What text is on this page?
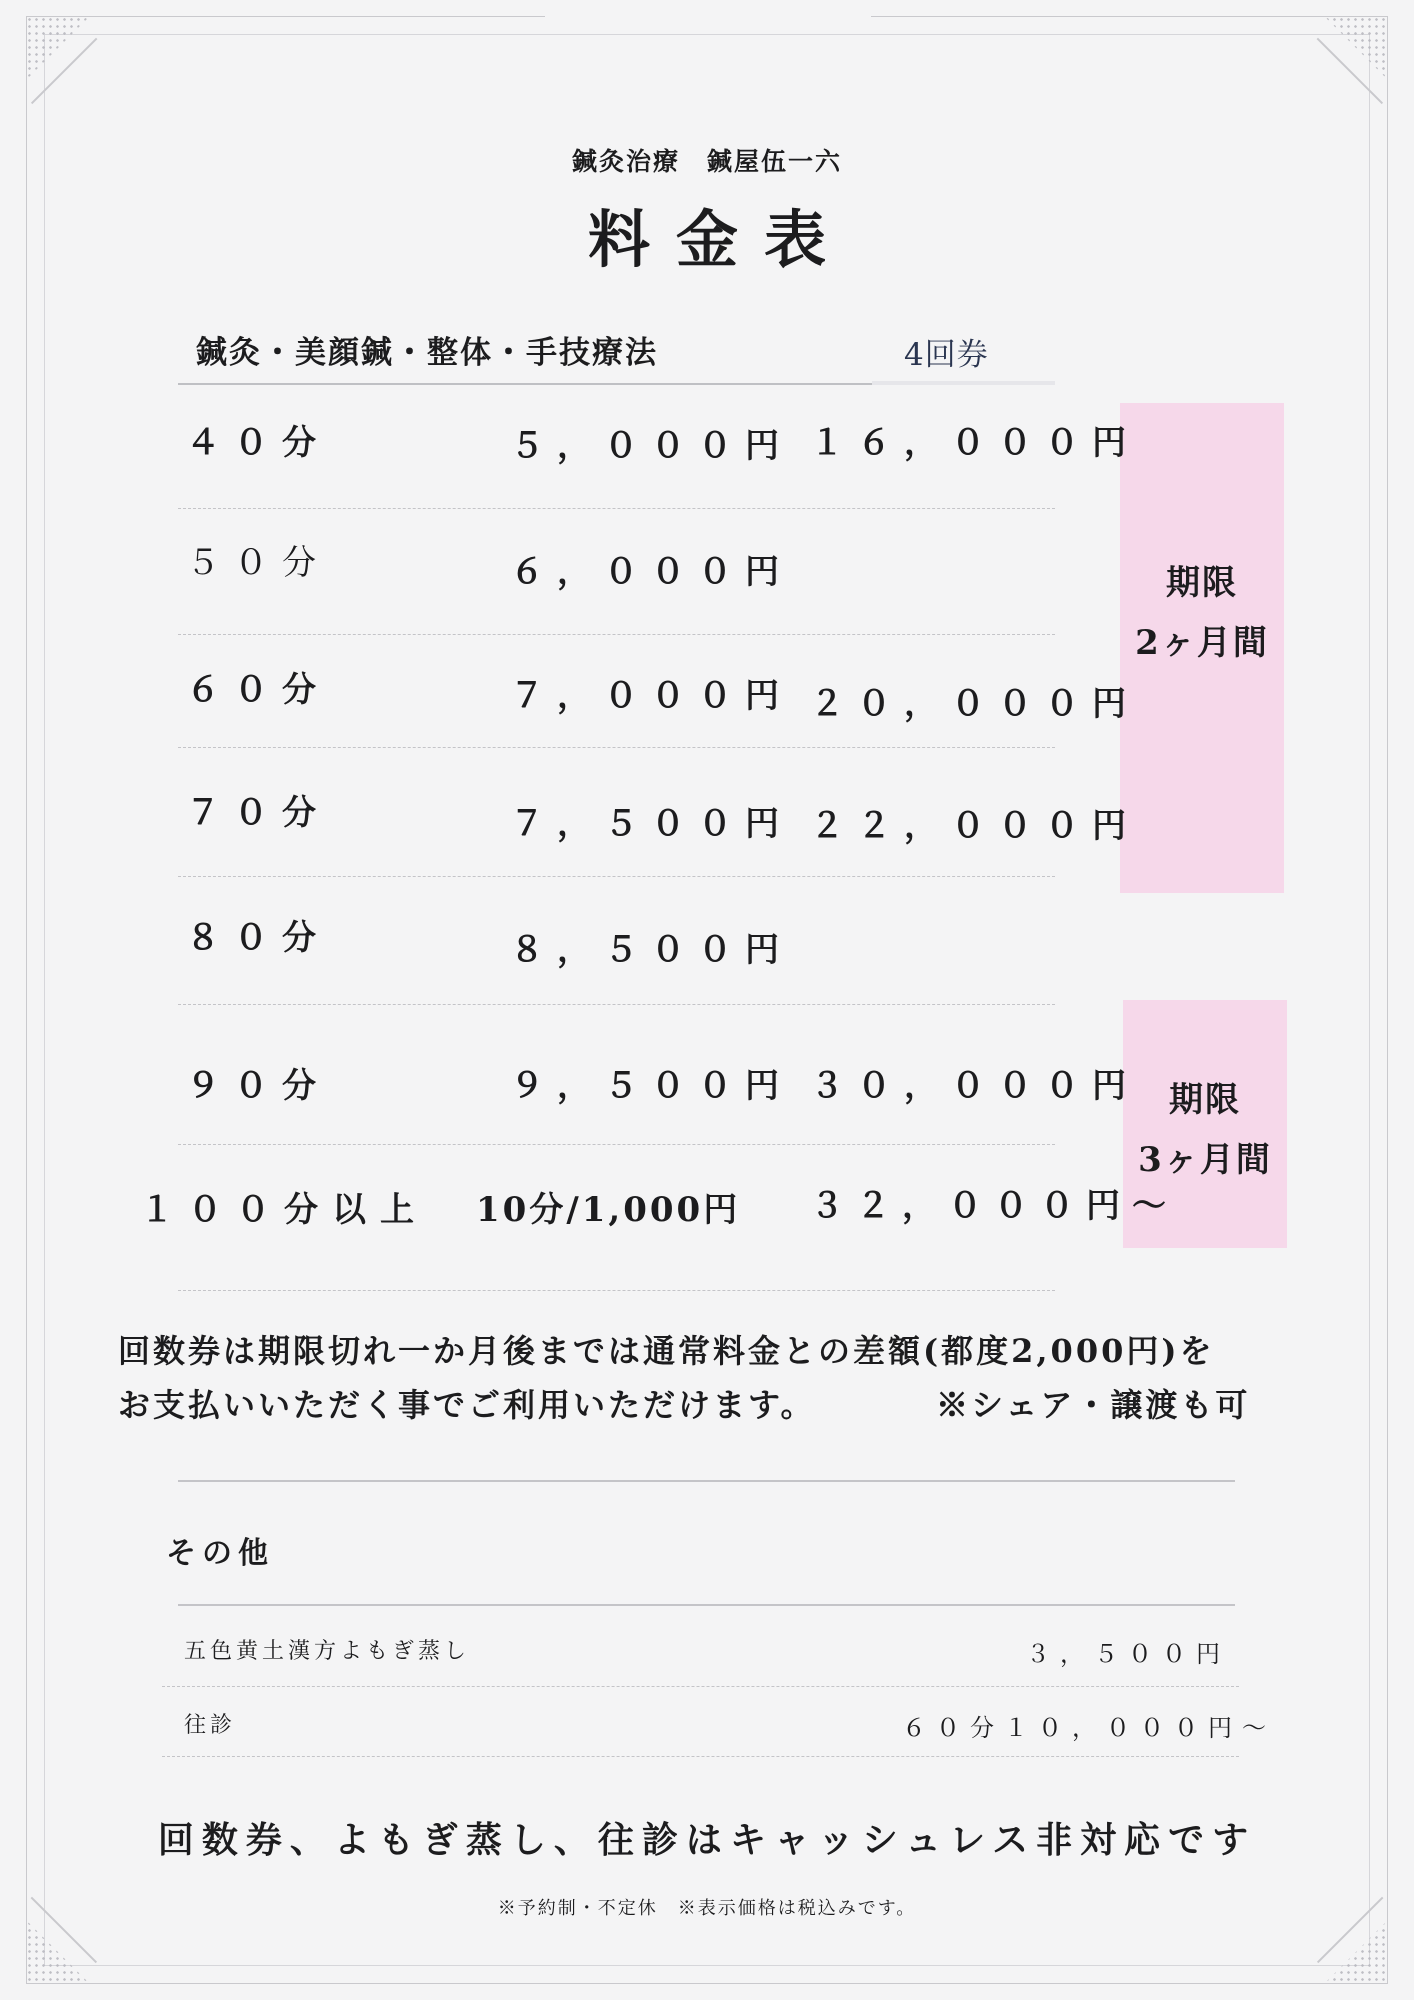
鍼灸治療　鍼屋伍一六
料金表
鍼灸・美顔鍼・整体・手技療法	4回券
期限
2ヶ月間
期限
3ヶ月間
４０分	５，０００円 １６，０００円
５０分	６，０００円
６０分	７，０００円 ２０，０００円
７０分	７，５００円 ２２，０００円
８０分	８，５００円
９０分	９，５００円 ３０，０００円
１００分以上 10分/1,000円 ３２，０００円～
回数券は期限切れ一か月後までは通常料金との差額(都度2,000円)を
お支払いいただく事でご利用いただけます。	※シェア・譲渡も可
その他
五色黄土漢方よもぎ蒸し	３，５００円
往診	６０分１０，０００円～
回数券、よもぎ蒸し、往診はキャッシュレス非対応です
※予約制・不定休　※表示価格は税込みです。
